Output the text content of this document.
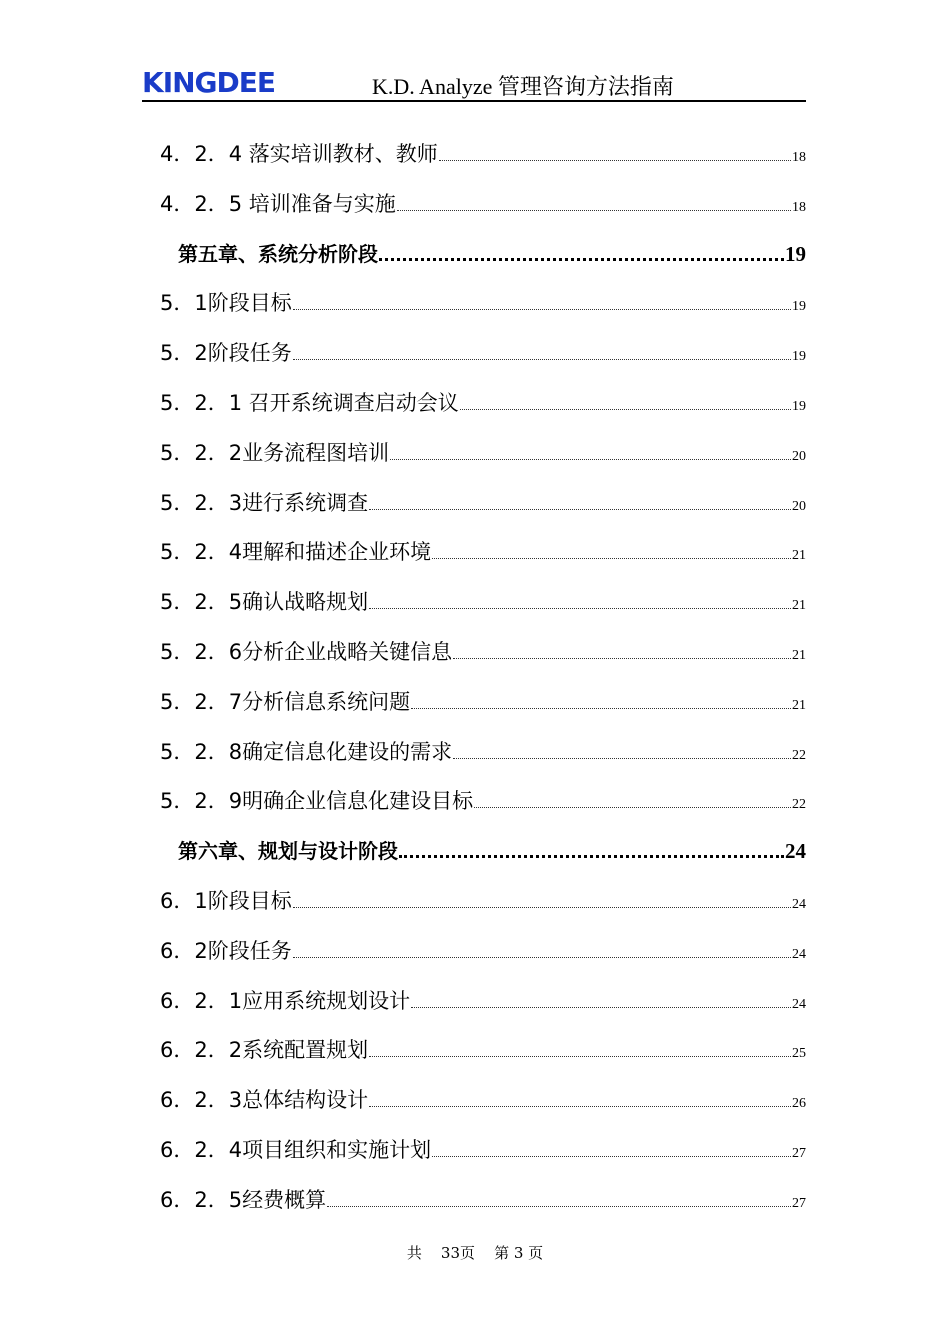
KINGDEE	K.D. Analyze 管理咨询方法指南
4．2．4 落实培训教材、教师	18
4．2．5 培训准备与实施	18
第五章、系统分析阶段	19
5．1阶段目标	19
5．2阶段任务	19
5．2．1 召开系统调查启动会议	19
5．2．2业务流程图培训	20
5．2．3进行系统调查	20
5．2．4理解和描述企业环境	21
5．2．5确认战略规划	21
5．2．6分析企业战略关键信息	21
5．2．7分析信息系统问题	21
5．2．8确定信息化建设的需求	22
5．2．9明确企业信息化建设目标	22
第六章、规划与设计阶段	24
6．1阶段目标	24
6．2阶段任务	24
6．2．1应用系统规划设计	24
6．2．2系统配置规划	25
6．2．3总体结构设计	26
6．2．4项目组织和实施计划	27
6．2．5经费概算	27
共    33页    第 3 页
